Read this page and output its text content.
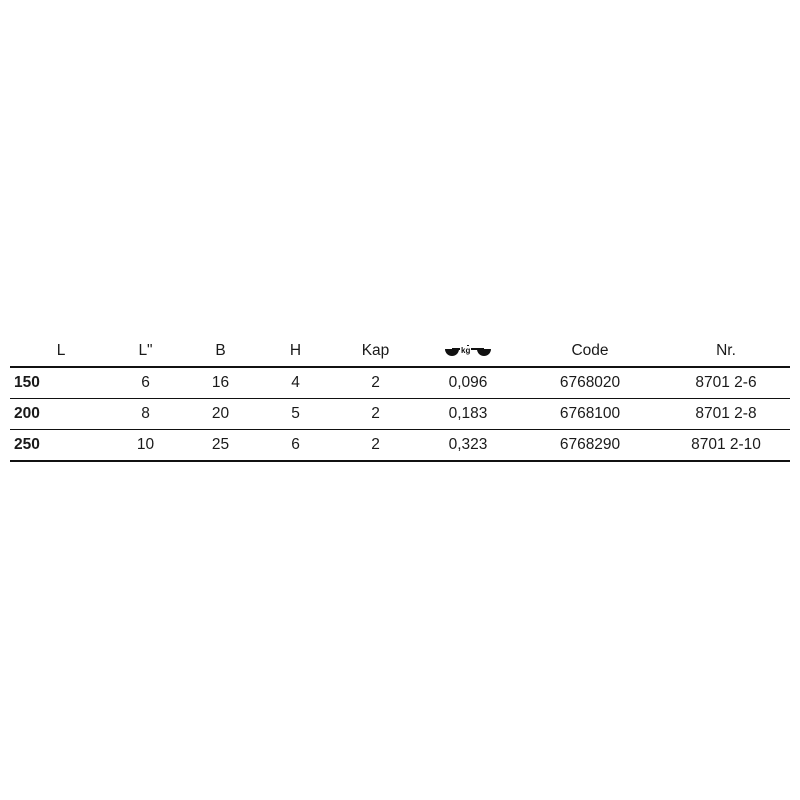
L	L"	B	H	Kap	kg	Code	Nr.
150	6	16	4	2	0,096	6768020	8701 2-6
200	8	20	5	2	0,183	6768100	8701 2-8
250	10	25	6	2	0,323	6768290	8701 2-10
